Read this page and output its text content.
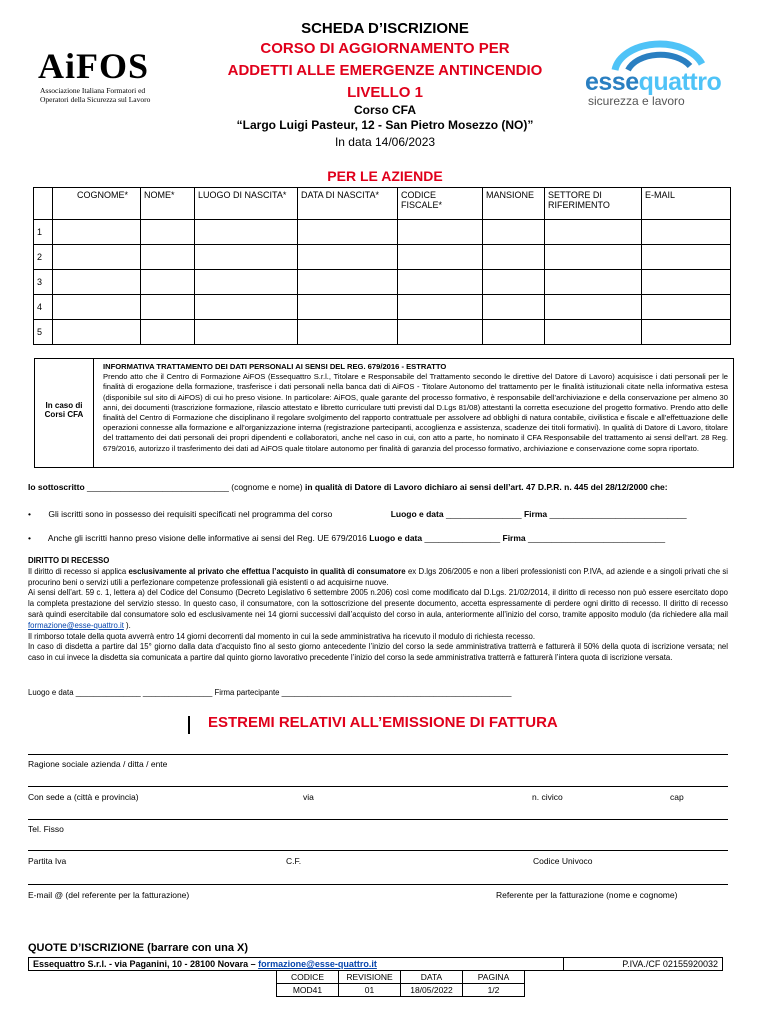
AiFOS
Associazione Italiana Formatori ed
Operatori della Sicurezza sul Lavoro
essequattro
sicurezza e lavoro
SCHEDA D’ISCRIZIONE
CORSO DI AGGIORNAMENTO PER
ADDETTI ALLE EMERGENZE ANTINCENDIO
LIVELLO 1
Corso CFA
“Largo Luigi Pasteur, 12 - San Pietro Mosezzo (NO)”
In data 14/06/2023
PER LE AZIENDE
	COGNOME*	NOME*	LUOGO DI NASCITA*	DATA DI NASCITA*	CODICE FISCALE*	MANSIONE	SETTORE DI RIFERIMENTO	E-MAIL
1								
2								
3								
4								
5								
In caso di Corsi CFA
INFORMATIVA TRATTAMENTO DEI DATI PERSONALI AI SENSI DEL REG. 679/2016 - ESTRATTO
Prendo atto che il Centro di Formazione AiFOS (Essequattro S.r.l., Titolare e Responsabile del Trattamento secondo le direttive del Datore di Lavoro) acquisisce i dati personali per le finalità di erogazione della formazione, trasferisce i dati personali nella banca dati di AiFOS - Titolare Autonomo del trattamento per le finalità istituzionali citate nella informativa estesa (disponibile sul sito di AiFOS) di cui ho preso visione. In particolare: AiFOS, quale garante del processo formativo, è responsabile dell’archiviazione e della conservazione per almeno 30 anni, dei documenti (trascrizione formazione, rilascio attestato e libretto curriculare tutti previsti dal D.Lgs 81/08) attestanti la corretta esecuzione del progetto formativo. Prendo atto delle finalità del Centro di Formazione che disciplinano il regolare svolgimento del rapporto contrattuale per assolvere ad obblighi di natura contabile, civilistica e fiscale e all’effettuazione delle operazioni connesse alla formazione e all’organizzazione interna (registrazione partecipanti, accoglienza e assistenza, scadenze dei titoli formativi). In qualità di Datore di Lavoro, titolare del trattamento dei dati personali dei propri dipendenti e collaboratori, anche nel caso in cui, con atto a parte, ho nominato il CFA Responsabile del trattamento ai sensi dell’art. 28 Reg. 679/2016, autorizzo il trasferimento dei dati ad AiFOS quale titolare autonomo per finalità di garanzia del processo formativo, archiviazione e conservazione come sopra riportato.
Io sottoscritto ______________________________ (cognome e nome) in qualità di Datore di Lavoro dichiaro ai sensi dell’art. 47 D.P.R. n. 445 del 28/12/2000 che:
• Gli iscritti sono in possesso dei requisiti specificati nel programma del corso	Luogo e data ________________ Firma _____________________________
• Anche gli iscritti hanno preso visione delle informative ai sensi del Reg. UE 679/2016 Luogo e data ________________ Firma _____________________________
DIRITTO DI RECESSO
Il diritto di recesso si applica esclusivamente al privato che effettua l’acquisto in qualità di consumatore ex D.lgs 206/2005 e non a liberi professionisti con P.IVA, ad aziende e a singoli privati che si procurino beni o servizi utili a perfezionare competenze professionali già esistenti o ad acquisirne nuove.
Ai sensi dell’art. 59 c. 1, lettera a) del Codice del Consumo (Decreto Legislativo 6 settembre 2005 n.206) così come modificato dal D.Lgs. 21/02/2014, il diritto di recesso non può essere esercitato dopo la completa prestazione del servizio stesso. In questo caso, il consumatore, con la sottoscrizione del presente documento, accetta espressamente di perdere ogni diritto di recesso. Il diritto di recesso sarà quindi esercitabile dal consumatore solo ed esclusivamente nei 14 giorni successivi dall’acquisto del corso in aula, anteriormente all’inizio del corso, tramite apposito modulo (da richiedere alla mail formazione@esse-quattro.it ).
Il rimborso totale della quota avverrà entro 14 giorni decorrenti dal momento in cui la sede amministrativa ha ricevuto il modulo di richiesta recesso.
In caso di disdetta a partire dal 15° giorno dalla data d’acquisto fino al sesto giorno antecedente l’inizio del corso la sede amministrativa tratterrà e fatturerà il 50% della quota di iscrizione versata; nel caso in cui invece la disdetta sia comunicata a partire dal quinto giorno lavorativo precedente l’inizio del corso la sede amministrativa tratterrà e fatturerà l’intera quota di iscrizione versata.
Luogo e data _______________ ________________ Firma partecipante _____________________________________________________
ESTREMI RELATIVI ALL’EMISSIONE DI FATTURA
Ragione sociale azienda / ditta / ente
Con sede a (città e provincia)	via	n. civico	cap
Tel. Fisso
Partita Iva	C.F.	Codice Univoco
E-mail @ (del referente per la fatturazione)	Referente per la fatturazione (nome e cognome)
QUOTE D’ISCRIZIONE (barrare con una X)
Essequattro S.r.l. - via Paganini, 10 - 28100 Novara – formazione@esse-quattro.it	P.IVA./CF 02155920032
CODICE	REVISIONE	DATA	PAGINA
MOD41	01	18/05/2022	1/2
